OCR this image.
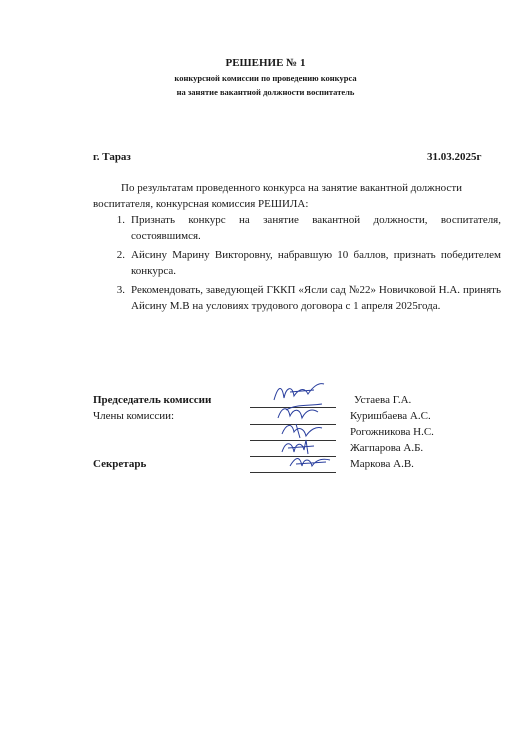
РЕШЕНИЕ № 1
конкурсной комиссии по проведению конкурса
на занятие вакантной должности воспитатель
г. Тараз	31.03.2025г
По результатам проведенного конкурса на занятие вакантной должности
воспитателя, конкурсная комиссия РЕШИЛА:
1. Признать конкурс на занятие вакантной должности, воспитателя, состоявшимся.
2. Айсину Марину Викторовну, набравшую 10 баллов, признать победителем конкурса.
3. Рекомендовать, заведующей ГККП «Ясли сад №22» Новичковой Н.А. принять Айсину М.В на условиях трудового договора с 1 апреля 2025года.
Председатель комиссии	Устаева Г.А.
Члены комиссии:	Куришбаева А.С.
Рогожникова Н.С.
Жагпарова А.Б.
Секретарь	Маркова А.В.
